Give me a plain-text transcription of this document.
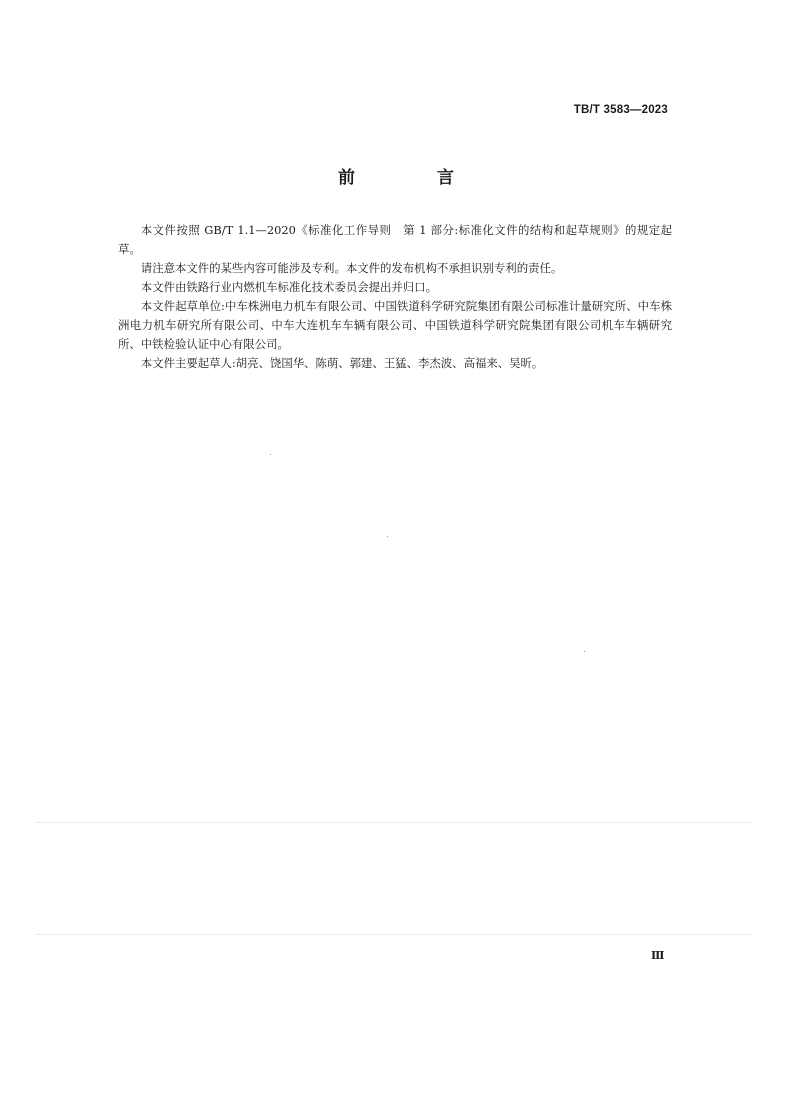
TB/T 3583—2023
前 言

本文件按照 GB/T 1.1—2020《标准化工作导则　第 1 部分:标准化文件的结构和起草规则》的规定起草。

请注意本文件的某些内容可能涉及专利。本文件的发布机构不承担识别专利的责任。

本文件由铁路行业内燃机车标准化技术委员会提出并归口。

本文件起草单位:中车株洲电力机车有限公司、中国铁道科学研究院集团有限公司标准计量研究所、中车株洲电力机车研究所有限公司、中车大连机车车辆有限公司、中国铁道科学研究院集团有限公司机车车辆研究所、中铁检验认证中心有限公司。

本文件主要起草人:胡亮、饶国华、陈萌、郭建、王猛、李杰波、高福来、吴昕。

Ⅲ
